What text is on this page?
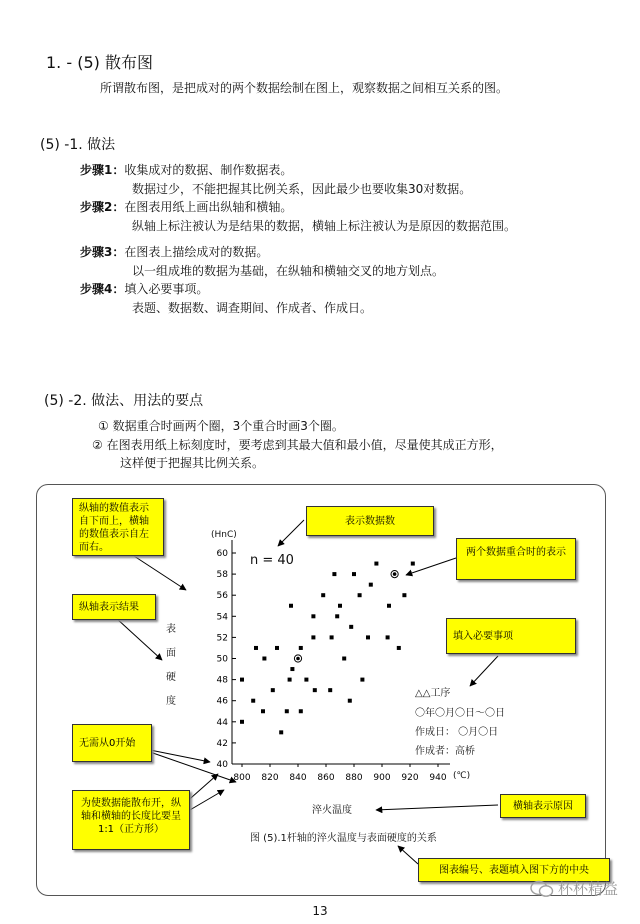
1. - (5) 散布图
所谓散布图，是把成对的两个数据绘制在图上，观察数据之间相互关系的图。
(5) -1. 做法
步骤1：收集成对的数据、制作数据表。
数据过少，不能把握其比例关系，因此最少也要收集30对数据。
步骤2：在图表用纸上画出纵轴和横轴。
纵轴上标注被认为是结果的数据，横轴上标注被认为是原因的数据范围。
步骤3：在图表上描绘成对的数据。
以一组成堆的数据为基础，在纵轴和横轴交叉的地方划点。
步骤4：填入必要事项。
表题、数据数、调查期间、作成者、作成日。
(5) -2. 做法、用法的要点
① 数据重合时画两个圈，3个重合时画3个圈。
② 在图表用纸上标刻度时，要考虑到其最大值和最小值，尽量使其成正方形，
这样便于把握其比例关系。
40
42
44
46
48
50
52
54
56
58
60
800 820 840 860 880 900 920 940
(HnC)
(℃)
n = 40
表面硬度
淬火温度
图 (5).1杆轴的淬火温度与表面硬度的关系
△△工序
〇年〇月〇日～〇日
作成日： 〇月〇日
作成者：高桥
纵轴的数值表示自下而上，横轴的数值表示自左而右。
表示数据数
两个数据重合时的表示
纵轴表示结果
填入必要事项
无需从0开始
为使数据能散布开，纵轴和横轴的长度比要呈1:1（正方形）
横轴表示原因
图表编号、表题填入图下方的中央
杯杯精益
13
